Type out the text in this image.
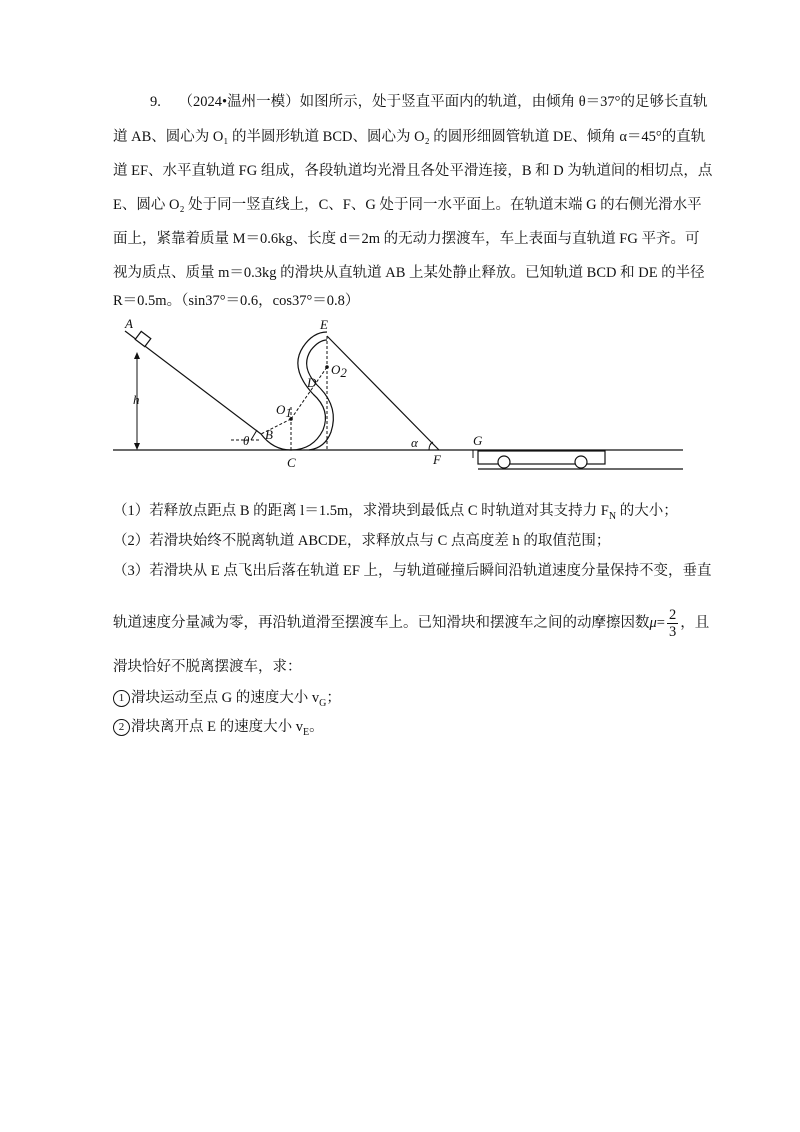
9. （2024•温州一模）如图所示，处于竖直平面内的轨道，由倾角 θ＝37°的足够长直轨
道 AB、圆心为 O₁ 的半圆形轨道 BCD、圆心为 O₂ 的圆形细圆管轨道 DE、倾角 α＝45°的直轨
道 EF、水平直轨道 FG 组成，各段轨道均光滑且各处平滑连接，B 和 D 为轨道间的相切点，点
E、圆心 O₂ 处于同一竖直线上，C、F、G 处于同一水平面上。在轨道末端 G 的右侧光滑水平
面上，紧靠着质量 M＝0.6kg、长度 d＝2m 的无动力摆渡车，车上表面与直轨道 FG 平齐。可
视为质点、质量 m＝0.3kg 的滑块从直轨道 AB 上某处静止释放。已知轨道 BCD 和 DE 的半径
R＝0.5m。（sin37°＝0.6，cos37°＝0.8）
A	E
h
O1
O2
D
B
θ
C
α
F
G
（1）若释放点距点 B 的距离 l＝1.5m，求滑块到最低点 C 时轨道对其支持力 $F_N$ 的大小；
（2）若滑块始终不脱离轨道 ABCDE，求释放点与 C 点高度差 h 的取值范围；
（3）若滑块从 E 点飞出后落在轨道 EF 上，与轨道碰撞后瞬间沿轨道速度分量保持不变，垂直
轨道速度分量减为零，再沿轨道滑至摆渡车上。已知滑块和摆渡车之间的动摩擦因数$\mu= \frac{2}{3}$ ，且
滑块恰好不脱离摆渡车，求：
1 滑块运动至点 G 的速度大小 $v_G$；
2 滑块离开点 E 的速度大小 $v_E$。
